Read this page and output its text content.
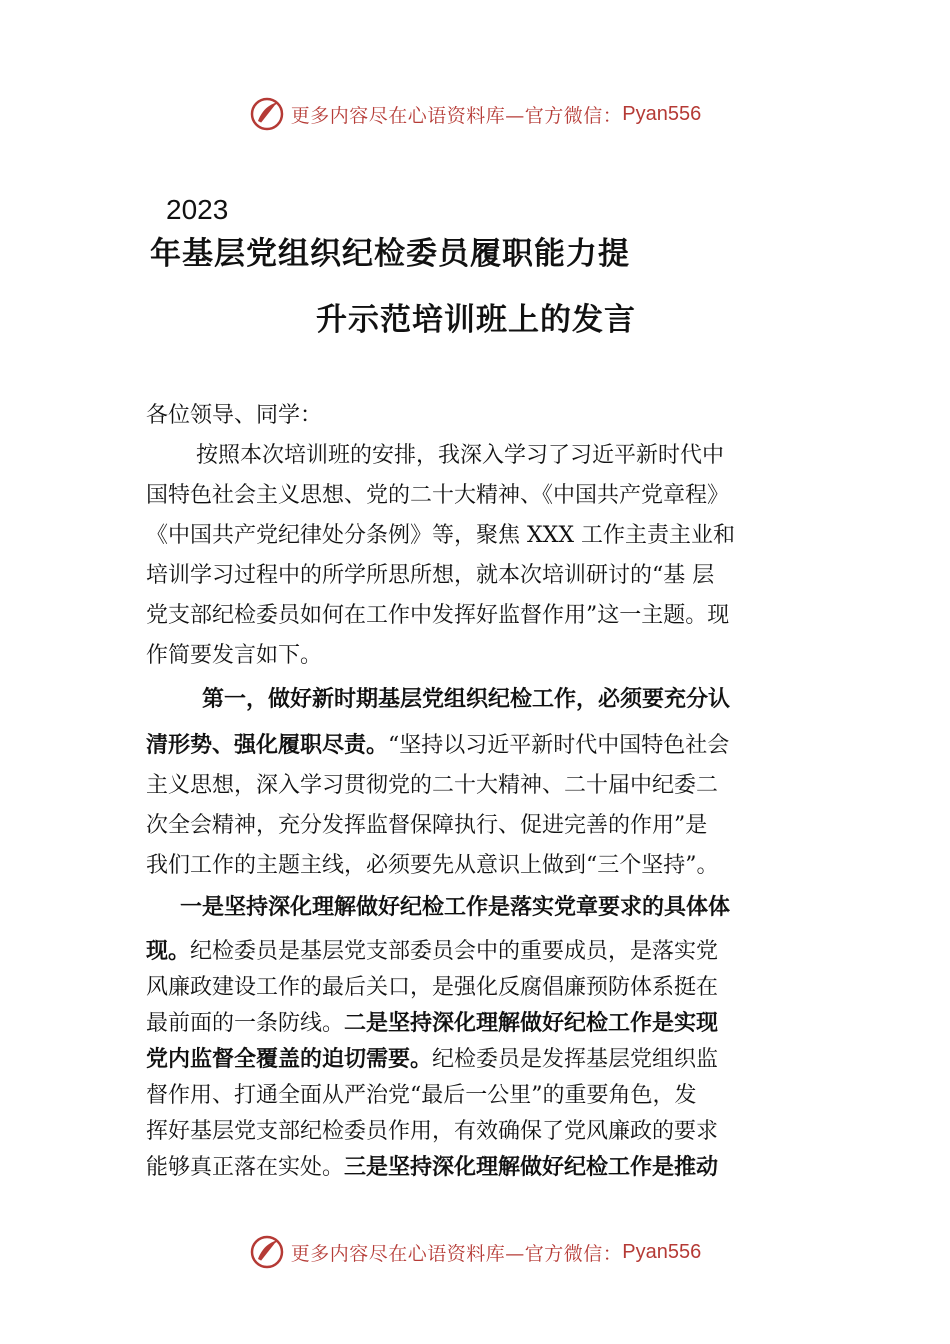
更多内容尽在心语资料库—官方微信： Pyan556
2023
年基层党组织纪检委员履职能力提
升示范培训班上的发言
各位领导、同学：
按照本次培训班的安排，我深入学习了习近平新时代中
国特色社会主义思想、党的二十大精神、《中国共产党章程》
《中国共产党纪律处分条例》等，聚焦 XXX 工作主责主业和
培训学习过程中的所学所思所想，就本次培训研讨的“基 层
党支部纪检委员如何在工作中发挥好监督作用”这一主题。现
作简要发言如下。
第一，做好新时期基层党组织纪检工作，必须要充分认
清形势、强化履职尽责。“坚持以习近平新时代中国特色社会
主义思想，深入学习贯彻党的二十大精神、二十届中纪委二
次全会精神，充分发挥监督保障执行、促进完善的作用”是
我们工作的主题主线，必须要先从意识上做到“三个坚持”。
一是坚持深化理解做好纪检工作是落实党章要求的具体体
现。纪检委员是基层党支部委员会中的重要成员，是落实党
风廉政建设工作的最后关口，是强化反腐倡廉预防体系挺在
最前面的一条防线。二是坚持深化理解做好纪检工作是实现
党内监督全覆盖的迫切需要。纪检委员是发挥基层党组织监
督作用、打通全面从严治党“最后一公里”的重要角色，发
挥好基层党支部纪检委员作用，有效确保了党风廉政的要求
能够真正落在实处。三是坚持深化理解做好纪检工作是推动
更多内容尽在心语资料库—官方微信： Pyan556
